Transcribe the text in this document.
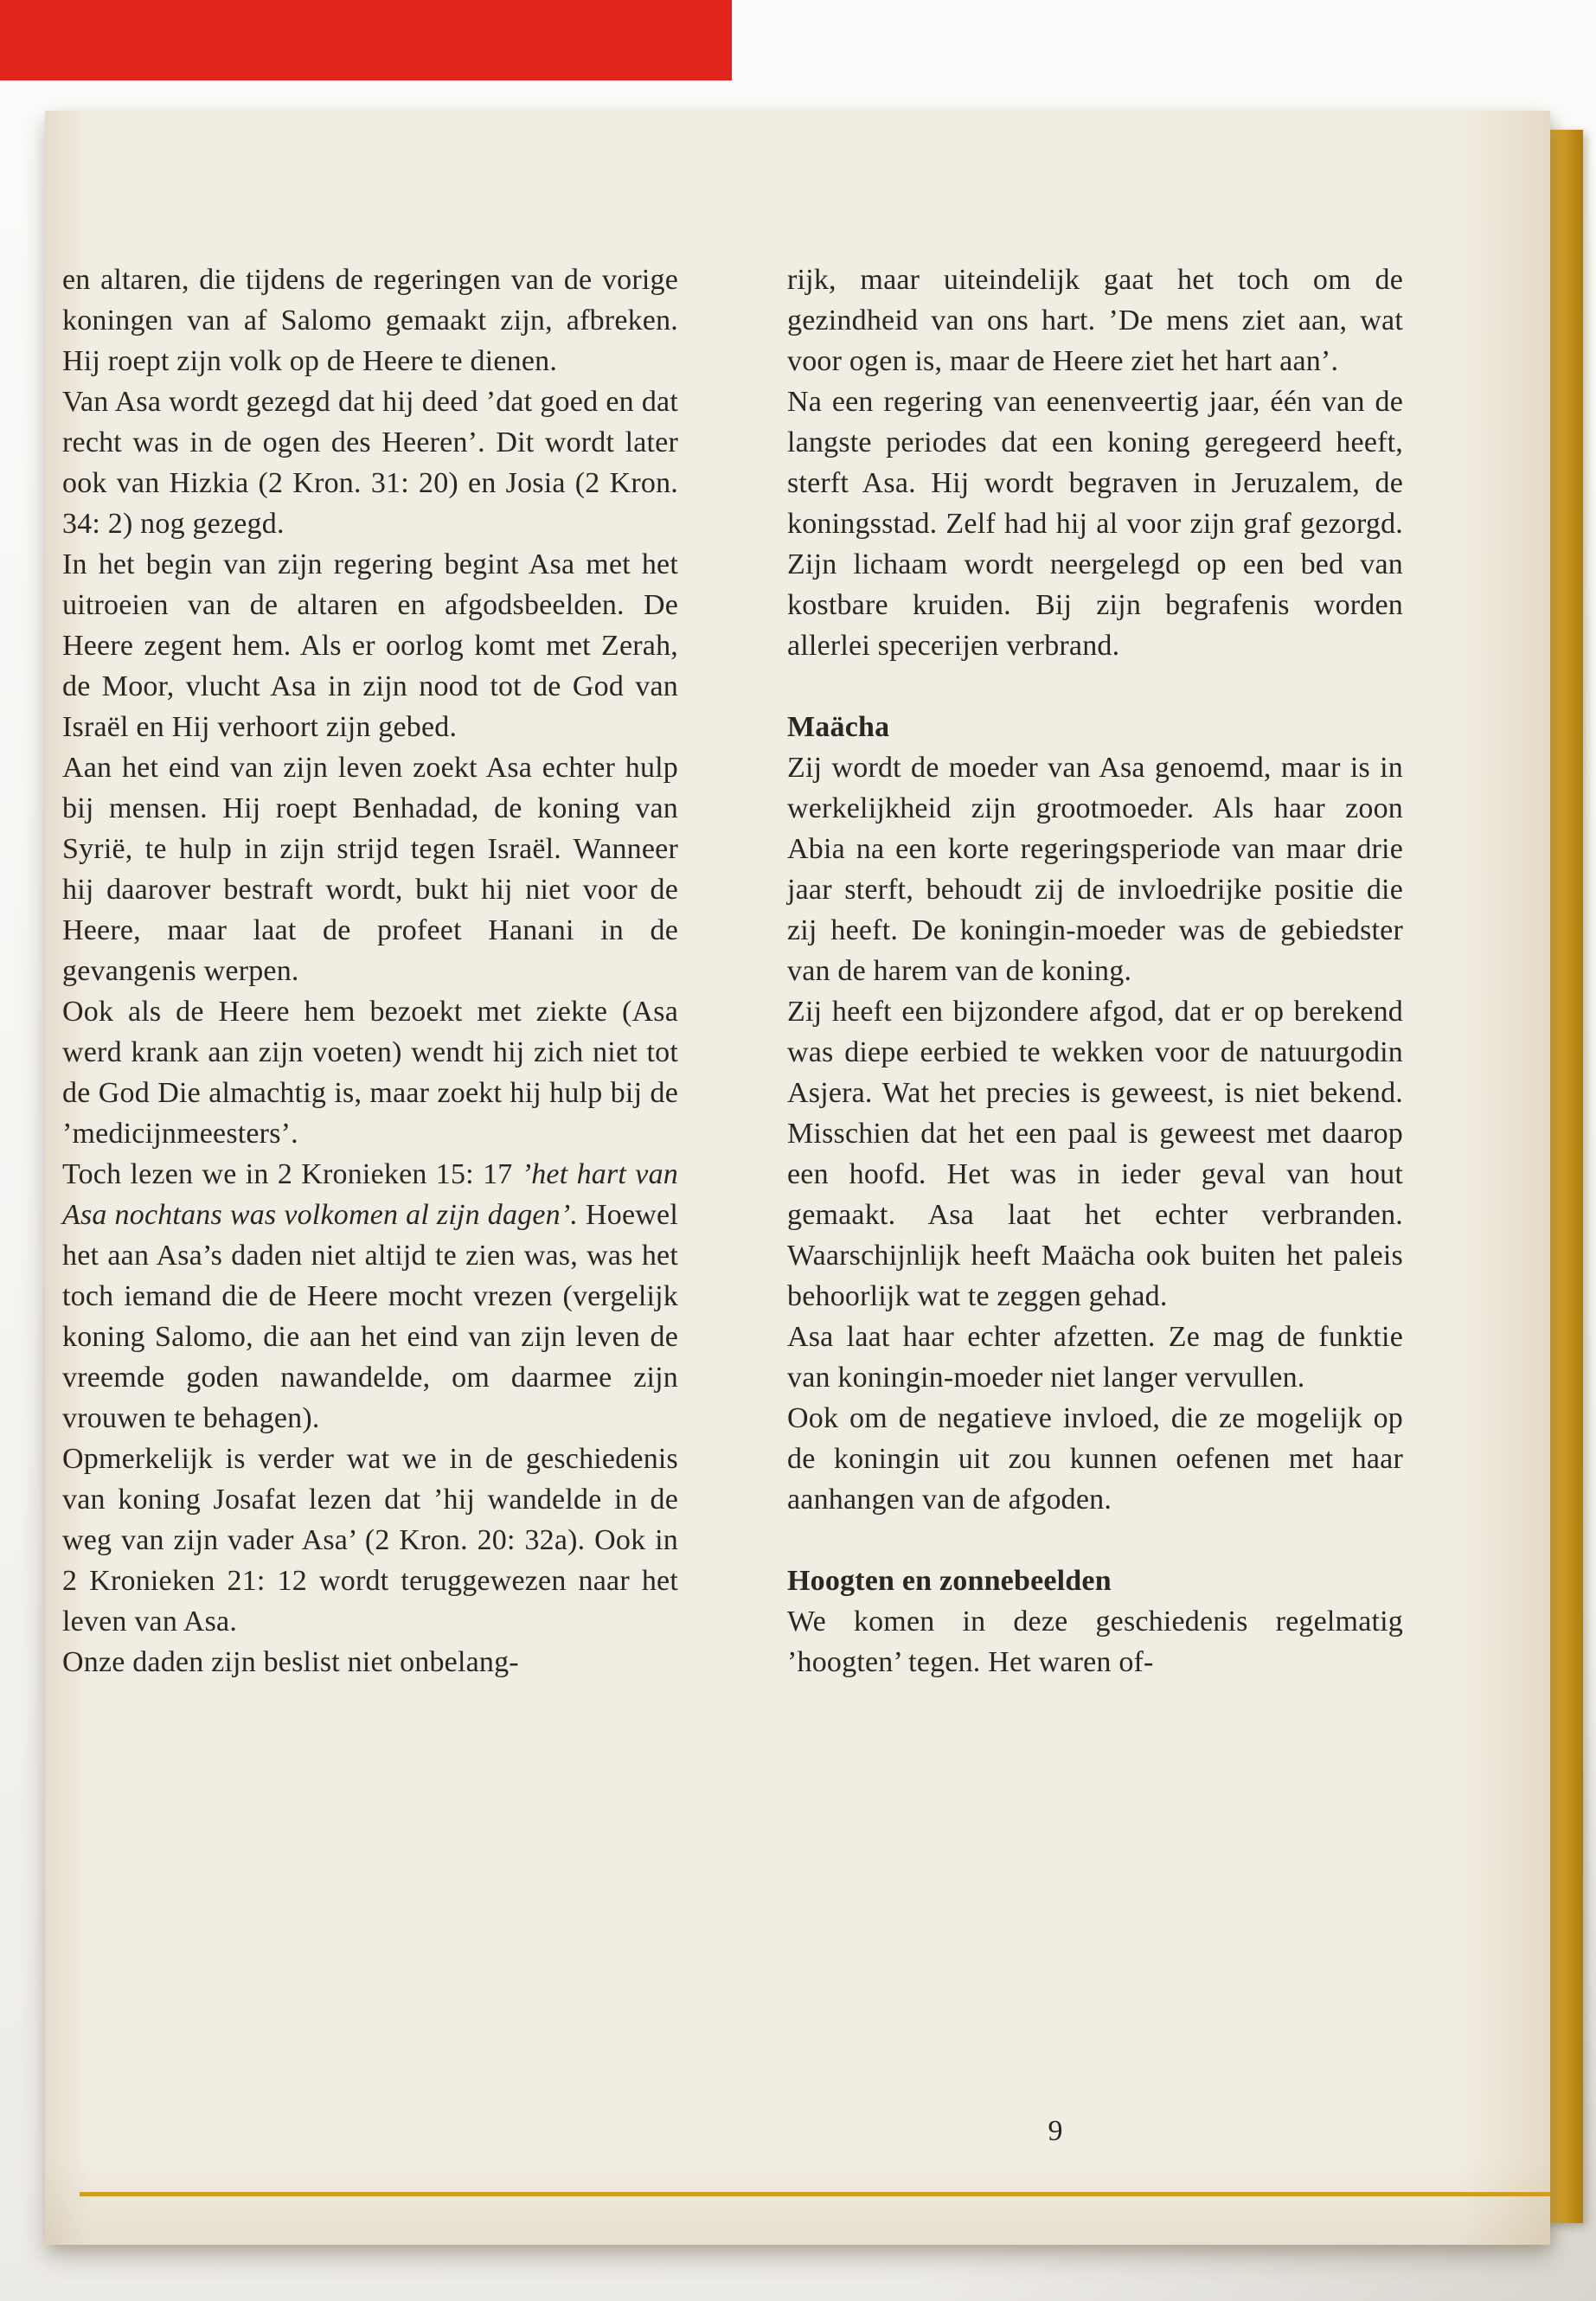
en altaren, die tijdens de regeringen van de vorige koningen van af Salomo gemaakt zijn, afbreken. Hij roept zijn volk op de Heere te dienen.

Van Asa wordt gezegd dat hij deed ’dat goed en dat recht was in de ogen des Heeren’. Dit wordt later ook van Hizkia (2 Kron. 31: 20) en Josia (2 Kron. 34: 2) nog gezegd.

In het begin van zijn regering begint Asa met het uitroeien van de altaren en afgodsbeelden. De Heere zegent hem. Als er oorlog komt met Zerah, de Moor, vlucht Asa in zijn nood tot de God van Israël en Hij verhoort zijn gebed.

Aan het eind van zijn leven zoekt Asa echter hulp bij mensen. Hij roept Benhadad, de koning van Syrië, te hulp in zijn strijd tegen Israël. Wanneer hij daarover bestraft wordt, bukt hij niet voor de Heere, maar laat de profeet Hanani in de gevangenis werpen.

Ook als de Heere hem bezoekt met ziekte (Asa werd krank aan zijn voeten) wendt hij zich niet tot de God Die almachtig is, maar zoekt hij hulp bij de ’medicijnmeesters’.

Toch lezen we in 2 Kronieken 15: 17 ’het hart van Asa nochtans was volkomen al zijn dagen’. Hoewel het aan Asa’s daden niet altijd te zien was, was het toch iemand die de Heere mocht vrezen (vergelijk koning Salomo, die aan het eind van zijn leven de vreemde goden nawandelde, om daarmee zijn vrouwen te behagen).

Opmerkelijk is verder wat we in de geschiedenis van koning Josafat lezen dat ’hij wandelde in de weg van zijn vader Asa’ (2 Kron. 20: 32a). Ook in 2 Kronieken 21: 12 wordt teruggewezen naar het leven van Asa.

Onze daden zijn beslist niet onbelang-

rijk, maar uiteindelijk gaat het toch om de gezindheid van ons hart. ’De mens ziet aan, wat voor ogen is, maar de Heere ziet het hart aan’.

Na een regering van eenenveertig jaar, één van de langste periodes dat een koning geregeerd heeft, sterft Asa. Hij wordt begraven in Jeruzalem, de koningsstad. Zelf had hij al voor zijn graf gezorgd. Zijn lichaam wordt neergelegd op een bed van kostbare kruiden. Bij zijn begrafenis worden allerlei specerijen verbrand.

Maächa

Zij wordt de moeder van Asa genoemd, maar is in werkelijkheid zijn grootmoeder. Als haar zoon Abia na een korte regeringsperiode van maar drie jaar sterft, behoudt zij de invloedrijke positie die zij heeft. De koningin-moeder was de gebiedster van de harem van de koning.

Zij heeft een bijzondere afgod, dat er op berekend was diepe eerbied te wekken voor de natuurgodin Asjera. Wat het precies is geweest, is niet bekend. Misschien dat het een paal is geweest met daarop een hoofd. Het was in ieder geval van hout gemaakt. Asa laat het echter verbranden. Waarschijnlijk heeft Maächa ook buiten het paleis behoorlijk wat te zeggen gehad.

Asa laat haar echter afzetten. Ze mag de funktie van koningin-moeder niet langer vervullen.

Ook om de negatieve invloed, die ze mogelijk op de koningin uit zou kunnen oefenen met haar aanhangen van de afgoden.

Hoogten en zonnebeelden

We komen in deze geschiedenis regelmatig ’hoogten’ tegen. Het waren of-

9
